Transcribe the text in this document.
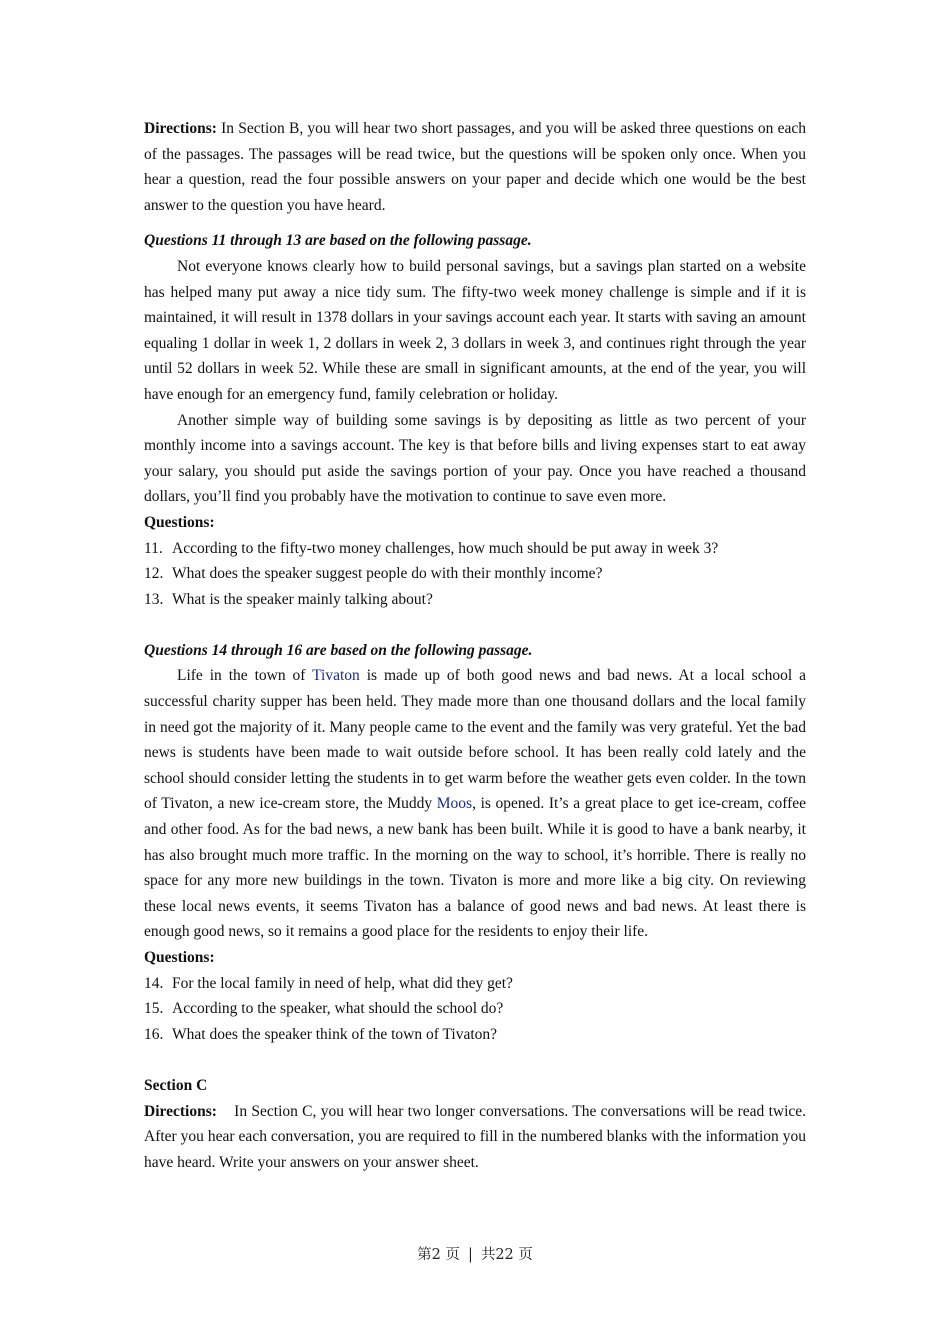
Directions: In Section B, you will hear two short passages, and you will be asked three questions on each of the passages. The passages will be read twice, but the questions will be spoken only once. When you hear a question, read the four possible answers on your paper and decide which one would be the best answer to the question you have heard.

Questions 11 through 13 are based on the following passage.

Not everyone knows clearly how to build personal savings, but a savings plan started on a website has helped many put away a nice tidy sum. The fifty-two week money challenge is simple and if it is maintained, it will result in 1378 dollars in your savings account each year. It starts with saving an amount equaling 1 dollar in week 1, 2 dollars in week 2, 3 dollars in week 3, and continues right through the year until 52 dollars in week 52. While these are small in significant amounts, at the end of the year, you will have enough for an emergency fund, family celebration or holiday.

Another simple way of building some savings is by depositing as little as two percent of your monthly income into a savings account. The key is that before bills and living expenses start to eat away your salary, you should put aside the savings portion of your pay. Once you have reached a thousand dollars, you’ll find you probably have the motivation to continue to save even more.

Questions:

11. According to the fifty-two money challenges, how much should be put away in week 3?
12. What does the speaker suggest people do with their monthly income?
13. What is the speaker mainly talking about?

Questions 14 through 16 are based on the following passage.

Life in the town of Tivaton is made up of both good news and bad news. At a local school a successful charity supper has been held. They made more than one thousand dollars and the local family in need got the majority of it. Many people came to the event and the family was very grateful. Yet the bad news is students have been made to wait outside before school. It has been really cold lately and the school should consider letting the students in to get warm before the weather gets even colder. In the town of Tivaton, a new ice-cream store, the Muddy Moos, is opened. It’s a great place to get ice-cream, coffee and other food. As for the bad news, a new bank has been built. While it is good to have a bank nearby, it has also brought much more traffic. In the morning on the way to school, it’s horrible. There is really no space for any more new buildings in the town. Tivaton is more and more like a big city. On reviewing these local news events, it seems Tivaton has a balance of good news and bad news. At least there is enough good news, so it remains a good place for the residents to enjoy their life.

Questions:

14. For the local family in need of help, what did they get?
15. According to the speaker, what should the school do?
16. What does the speaker think of the town of Tivaton?

Section C

Directions: In Section C, you will hear two longer conversations. The conversations will be read twice. After you hear each conversation, you are required to fill in the numbered blanks with the information you have heard. Write your answers on your answer sheet.

第2 页 | 共22 页
